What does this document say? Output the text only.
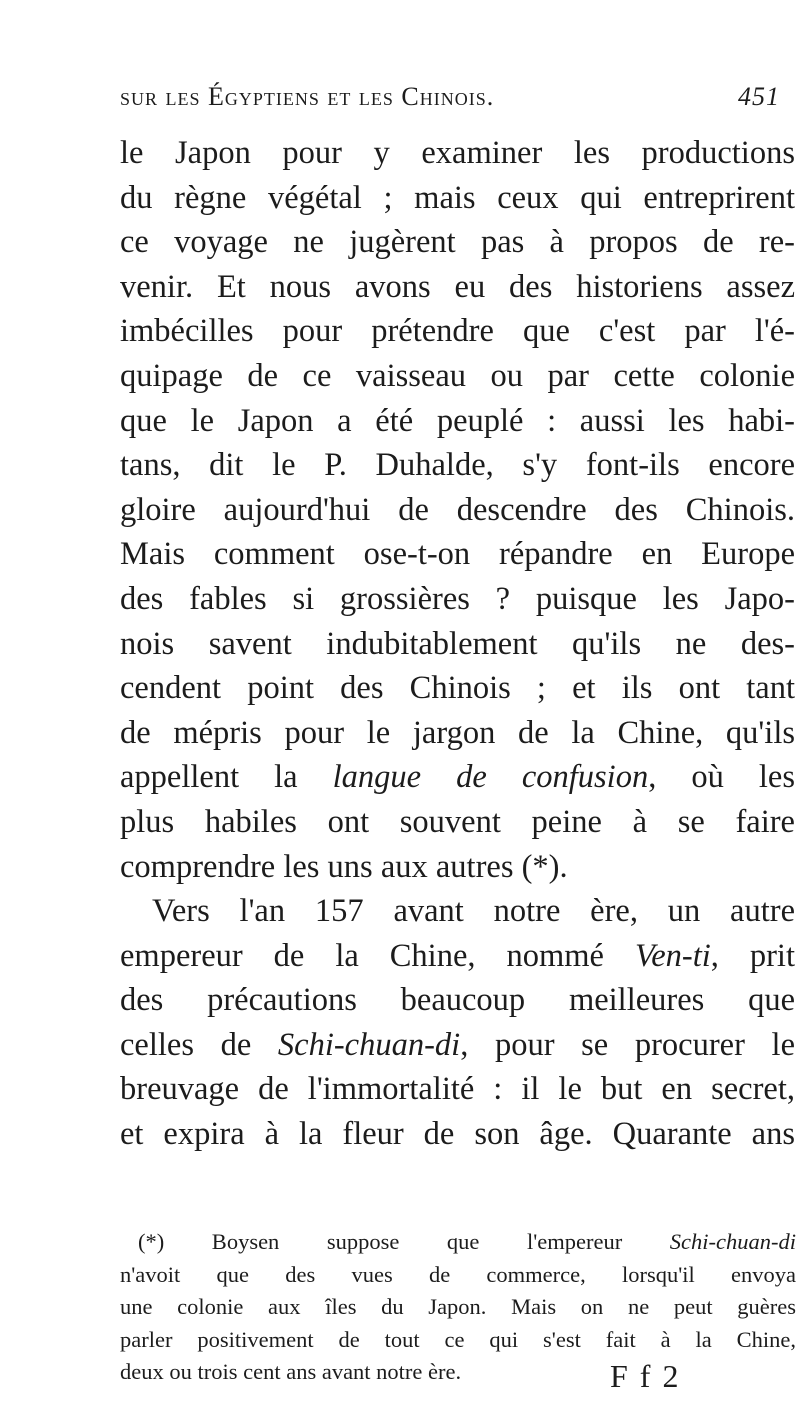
sur les Égyptiens et les Chinois.	451
le Japon pour y examiner les productions
du règne végétal ; mais ceux qui entreprirent
ce voyage ne jugèrent pas à propos de re-
venir. Et nous avons eu des historiens assez
imbécilles pour prétendre que c'est par l'é-
quipage de ce vaisseau ou par cette colonie
que le Japon a été peuplé : aussi les habi-
tans, dit le P. Duhalde, s'y font-ils encore
gloire aujourd'hui de descendre des Chinois.
Mais comment ose-t-on répandre en Europe
des fables si grossières ? puisque les Japo-
nois savent indubitablement qu'ils ne des-
cendent point des Chinois ; et ils ont tant
de mépris pour le jargon de la Chine, qu'ils
appellent la langue de confusion, où les
plus habiles ont souvent peine à se faire
comprendre les uns aux autres (*).
Vers l'an 157 avant notre ère, un autre
empereur de la Chine, nommé Ven-ti, prit
des précautions beaucoup meilleures que
celles de Schi-chuan-di, pour se procurer le
breuvage de l'immortalité : il le but en secret,
et expira à la fleur de son âge. Quarante ans
(*) Boysen suppose que l'empereur Schi-chuan-di
n'avoit que des vues de commerce, lorsqu'il envoya
une colonie aux îles du Japon. Mais on ne peut guères
parler positivement de tout ce qui s'est fait à la Chine,
deux ou trois cent ans avant notre ère.	F f 2
